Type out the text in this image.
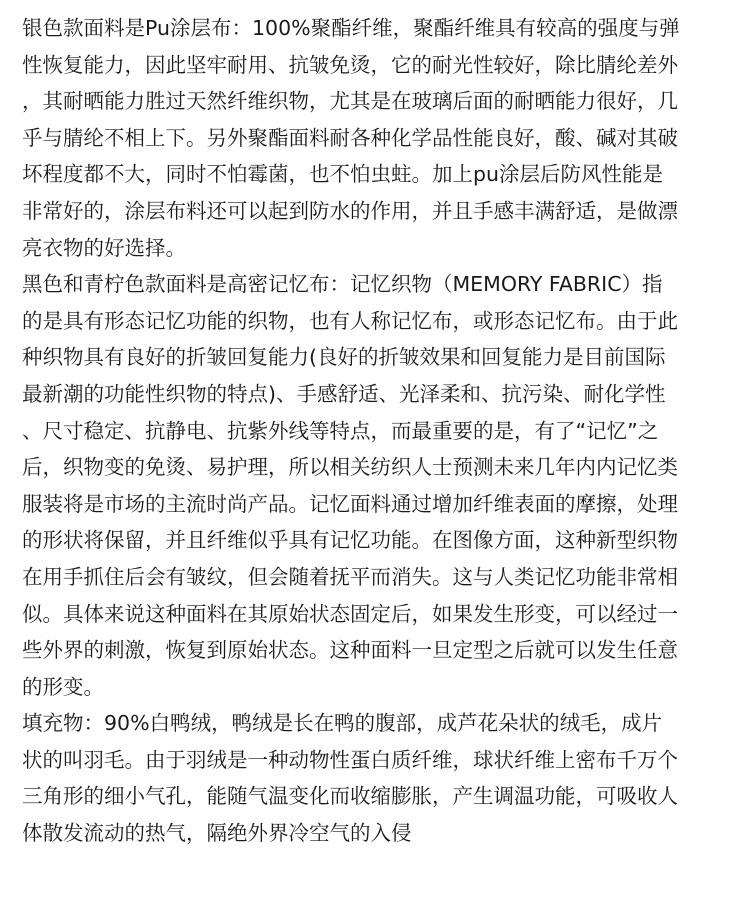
银色款面料是Pu涂层布：100%聚酯纤维，聚酯纤维具有较高的强度与弹
性恢复能力，因此坚牢耐用、抗皱免烫，它的耐光性较好，除比腈纶差外
，其耐晒能力胜过天然纤维织物，尤其是在玻璃后面的耐晒能力很好，几
乎与腈纶不相上下。另外聚酯面料耐各种化学品性能良好，酸、碱对其破
坏程度都不大，同时不怕霉菌，也不怕虫蛀。加上pu涂层后防风性能是
非常好的，涂层布料还可以起到防水的作用，并且手感丰满舒适，是做漂
亮衣物的好选择。
黑色和青柠色款面料是高密记忆布：记忆织物（MEMORY FABRIC）指
的是具有形态记忆功能的织物，也有人称记忆布，或形态记忆布。由于此
种织物具有良好的折皱回复能力(良好的折皱效果和回复能力是目前国际
最新潮的功能性织物的特点)、手感舒适、光泽柔和、抗污染、耐化学性
、尺寸稳定、抗静电、抗紫外线等特点，而最重要的是，有了“记忆”之
后，织物变的免烫、易护理，所以相关纺织人士预测未来几年内内记忆类
服装将是市场的主流时尚产品。记忆面料通过增加纤维表面的摩擦，处理
的形状将保留，并且纤维似乎具有记忆功能。在图像方面，这种新型织物
在用手抓住后会有皱纹，但会随着抚平而消失。这与人类记忆功能非常相
似。具体来说这种面料在其原始状态固定后，如果发生形变，可以经过一
些外界的刺激，恢复到原始状态。这种面料一旦定型之后就可以发生任意
的形变。
填充物：90%白鸭绒，鸭绒是长在鸭的腹部，成芦花朵状的绒毛，成片
状的叫羽毛。由于羽绒是一种动物性蛋白质纤维，球状纤维上密布千万个
三角形的细小气孔，能随气温变化而收缩膨胀，产生调温功能，可吸收人
体散发流动的热气，隔绝外界冷空气的入侵
